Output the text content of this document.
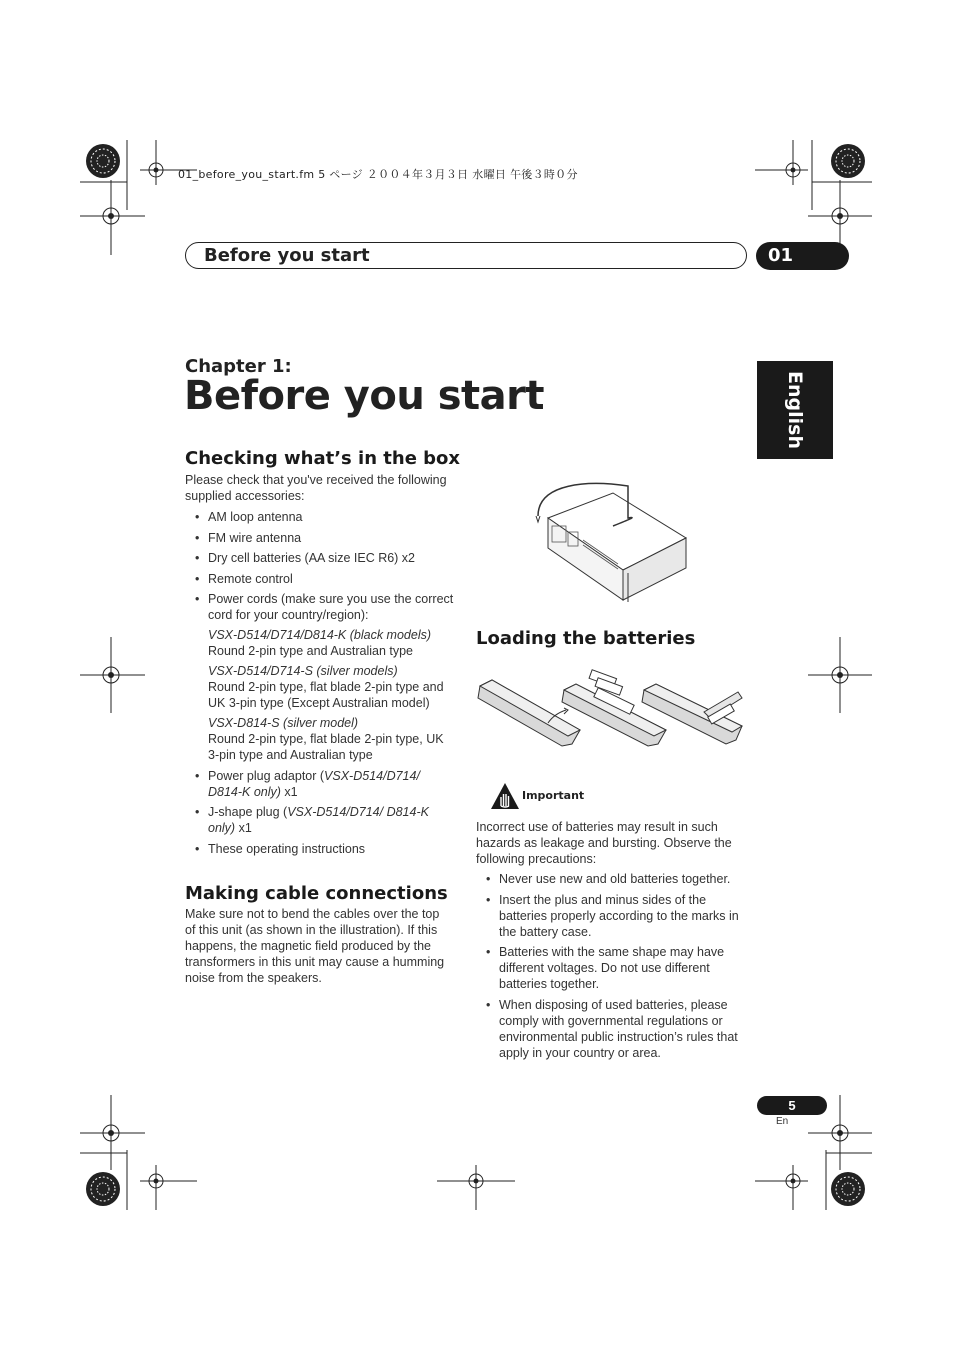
01_before_you_start.fm 5 ページ ２００４年３月３日 水曜日 午後３時０分
Before you start	01
English
Chapter 1:
Before you start
Checking what’s in the box
Please check that you've received the following supplied accessories:
• AM loop antenna
• FM wire antenna
• Dry cell batteries (AA size IEC R6) x2
• Remote control
• Power cords (make sure you use the correct cord for your country/region):
VSX-D514/D714/D814-K (black models)
Round 2-pin type and Australian type
VSX-D514/D714-S (silver models)
Round 2-pin type, flat blade 2-pin type and UK 3-pin type (Except Australian model)
VSX-D814-S (silver model)
Round 2-pin type, flat blade 2-pin type, UK 3-pin type and Australian type
• Power plug adaptor (VSX-D514/D714/ D814-K only) x1
• J-shape plug (VSX-D514/D714/ D814-K only) x1
• These operating instructions
Making cable connections
Make sure not to bend the cables over the top of this unit (as shown in the illustration). If this happens, the magnetic field produced by the transformers in this unit may cause a humming noise from the speakers.
Loading the batteries
Important
Incorrect use of batteries may result in such hazards as leakage and bursting. Observe the following precautions:
• Never use new and old batteries together.
• Insert the plus and minus sides of the batteries properly according to the marks in the battery case.
• Batteries with the same shape may have different voltages. Do not use different batteries together.
• When disposing of used batteries, please comply with governmental regulations or environmental public instruction’s rules that apply in your country or area.
5
En
